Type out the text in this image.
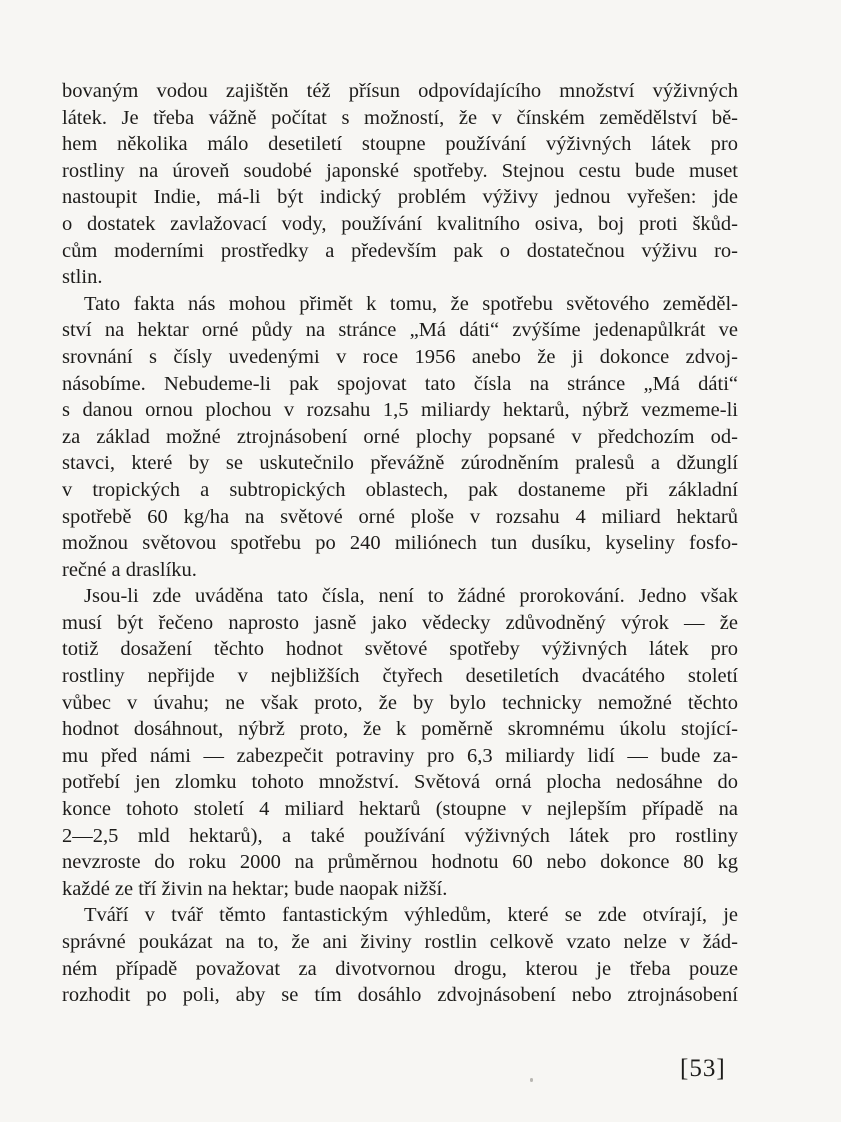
bovaným vodou zajištěn též přísun odpovídajícího množství výživných
látek. Je třeba vážně počítat s možností, že v čínském zemědělství bě-
hem několika málo desetiletí stoupne používání výživných látek pro
rostliny na úroveň soudobé japonské spotřeby. Stejnou cestu bude muset
nastoupit Indie, má-li být indický problém výživy jednou vyřešen: jde
o dostatek zavlažovací vody, používání kvalitního osiva, boj proti škůd-
cům moderními prostředky a především pak o dostatečnou výživu ro-
stlin.
Tato fakta nás mohou přimět k tomu, že spotřebu světového zeměděl-
ství na hektar orné půdy na stránce „Má dáti“ zvýšíme jedenapůlkrát ve
srovnání s čísly uvedenými v roce 1956 anebo že ji dokonce zdvoj-
násobíme. Nebudeme-li pak spojovat tato čísla na stránce „Má dáti“
s danou ornou plochou v rozsahu 1,5 miliardy hektarů, nýbrž vezmeme-li
za základ možné ztrojnásobení orné plochy popsané v předchozím od-
stavci, které by se uskutečnilo převážně zúrodněním pralesů a džunglí
v tropických a subtropických oblastech, pak dostaneme při základní
spotřebě 60 kg/ha na světové orné ploše v rozsahu 4 miliard hektarů
možnou světovou spotřebu po 240 miliónech tun dusíku, kyseliny fosfo-
rečné a draslíku.
Jsou-li zde uváděna tato čísla, není to žádné prorokování. Jedno však
musí být řečeno naprosto jasně jako vědecky zdůvodněný výrok — že
totiž dosažení těchto hodnot světové spotřeby výživných látek pro
rostliny nepřijde v nejbližších čtyřech desetiletích dvacátého století
vůbec v úvahu; ne však proto, že by bylo technicky nemožné těchto
hodnot dosáhnout, nýbrž proto, že k poměrně skromnému úkolu stojící-
mu před námi — zabezpečit potraviny pro 6,3 miliardy lidí — bude za-
potřebí jen zlomku tohoto množství. Světová orná plocha nedosáhne do
konce tohoto století 4 miliard hektarů (stoupne v nejlepším případě na
2—2,5 mld hektarů), a také používání výživných látek pro rostliny
nevzroste do roku 2000 na průměrnou hodnotu 60 nebo dokonce 80 kg
každé ze tří živin na hektar; bude naopak nižší.
Tváří v tvář těmto fantastickým výhledům, které se zde otvírají, je
správné poukázat na to, že ani živiny rostlin celkově vzato nelze v žád-
ném případě považovat za divotvornou drogu, kterou je třeba pouze
rozhodit po poli, aby se tím dosáhlo zdvojnásobení nebo ztrojnásobení
[53]
